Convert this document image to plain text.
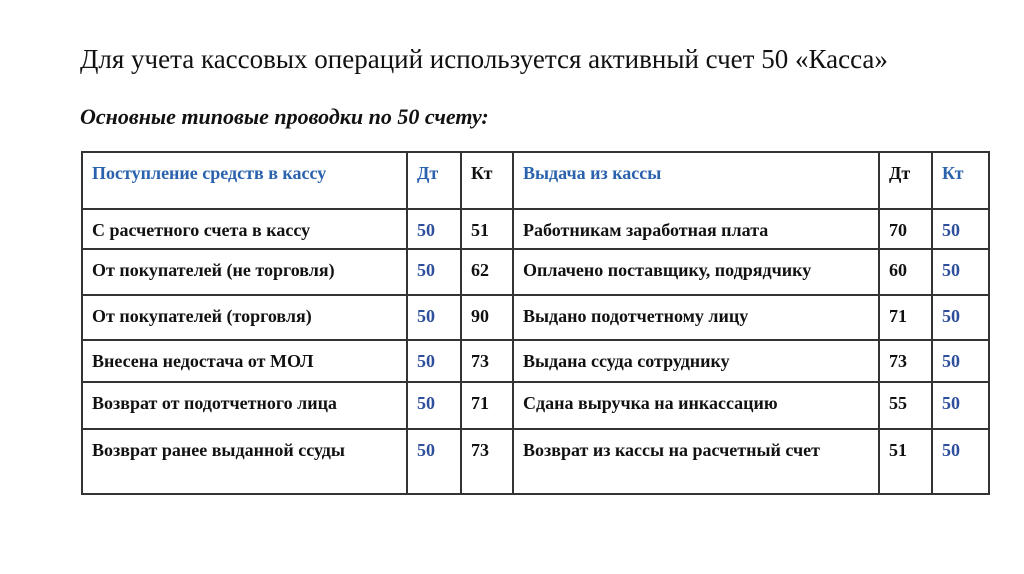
Для учета кассовых операций используется активный счет 50 «Касса»
Основные типовые проводки по 50 счету:
Поступление средств в кассу	Дт	Кт	Выдача из кассы	Дт	Кт
С расчетного счета в кассу	50	51	Работникам заработная плата	70	50
От покупателей (не торговля)	50	62	Оплачено поставщику, подрядчику	60	50
От покупателей (торговля)	50	90	Выдано подотчетному лицу	71	50
Внесена недостача от МОЛ	50	73	Выдана ссуда сотруднику	73	50
Возврат от подотчетного лица	50	71	Сдана выручка на инкассацию	55	50
Возврат ранее выданной ссуды	50	73	Возврат из кассы на расчетный счет	51	50
